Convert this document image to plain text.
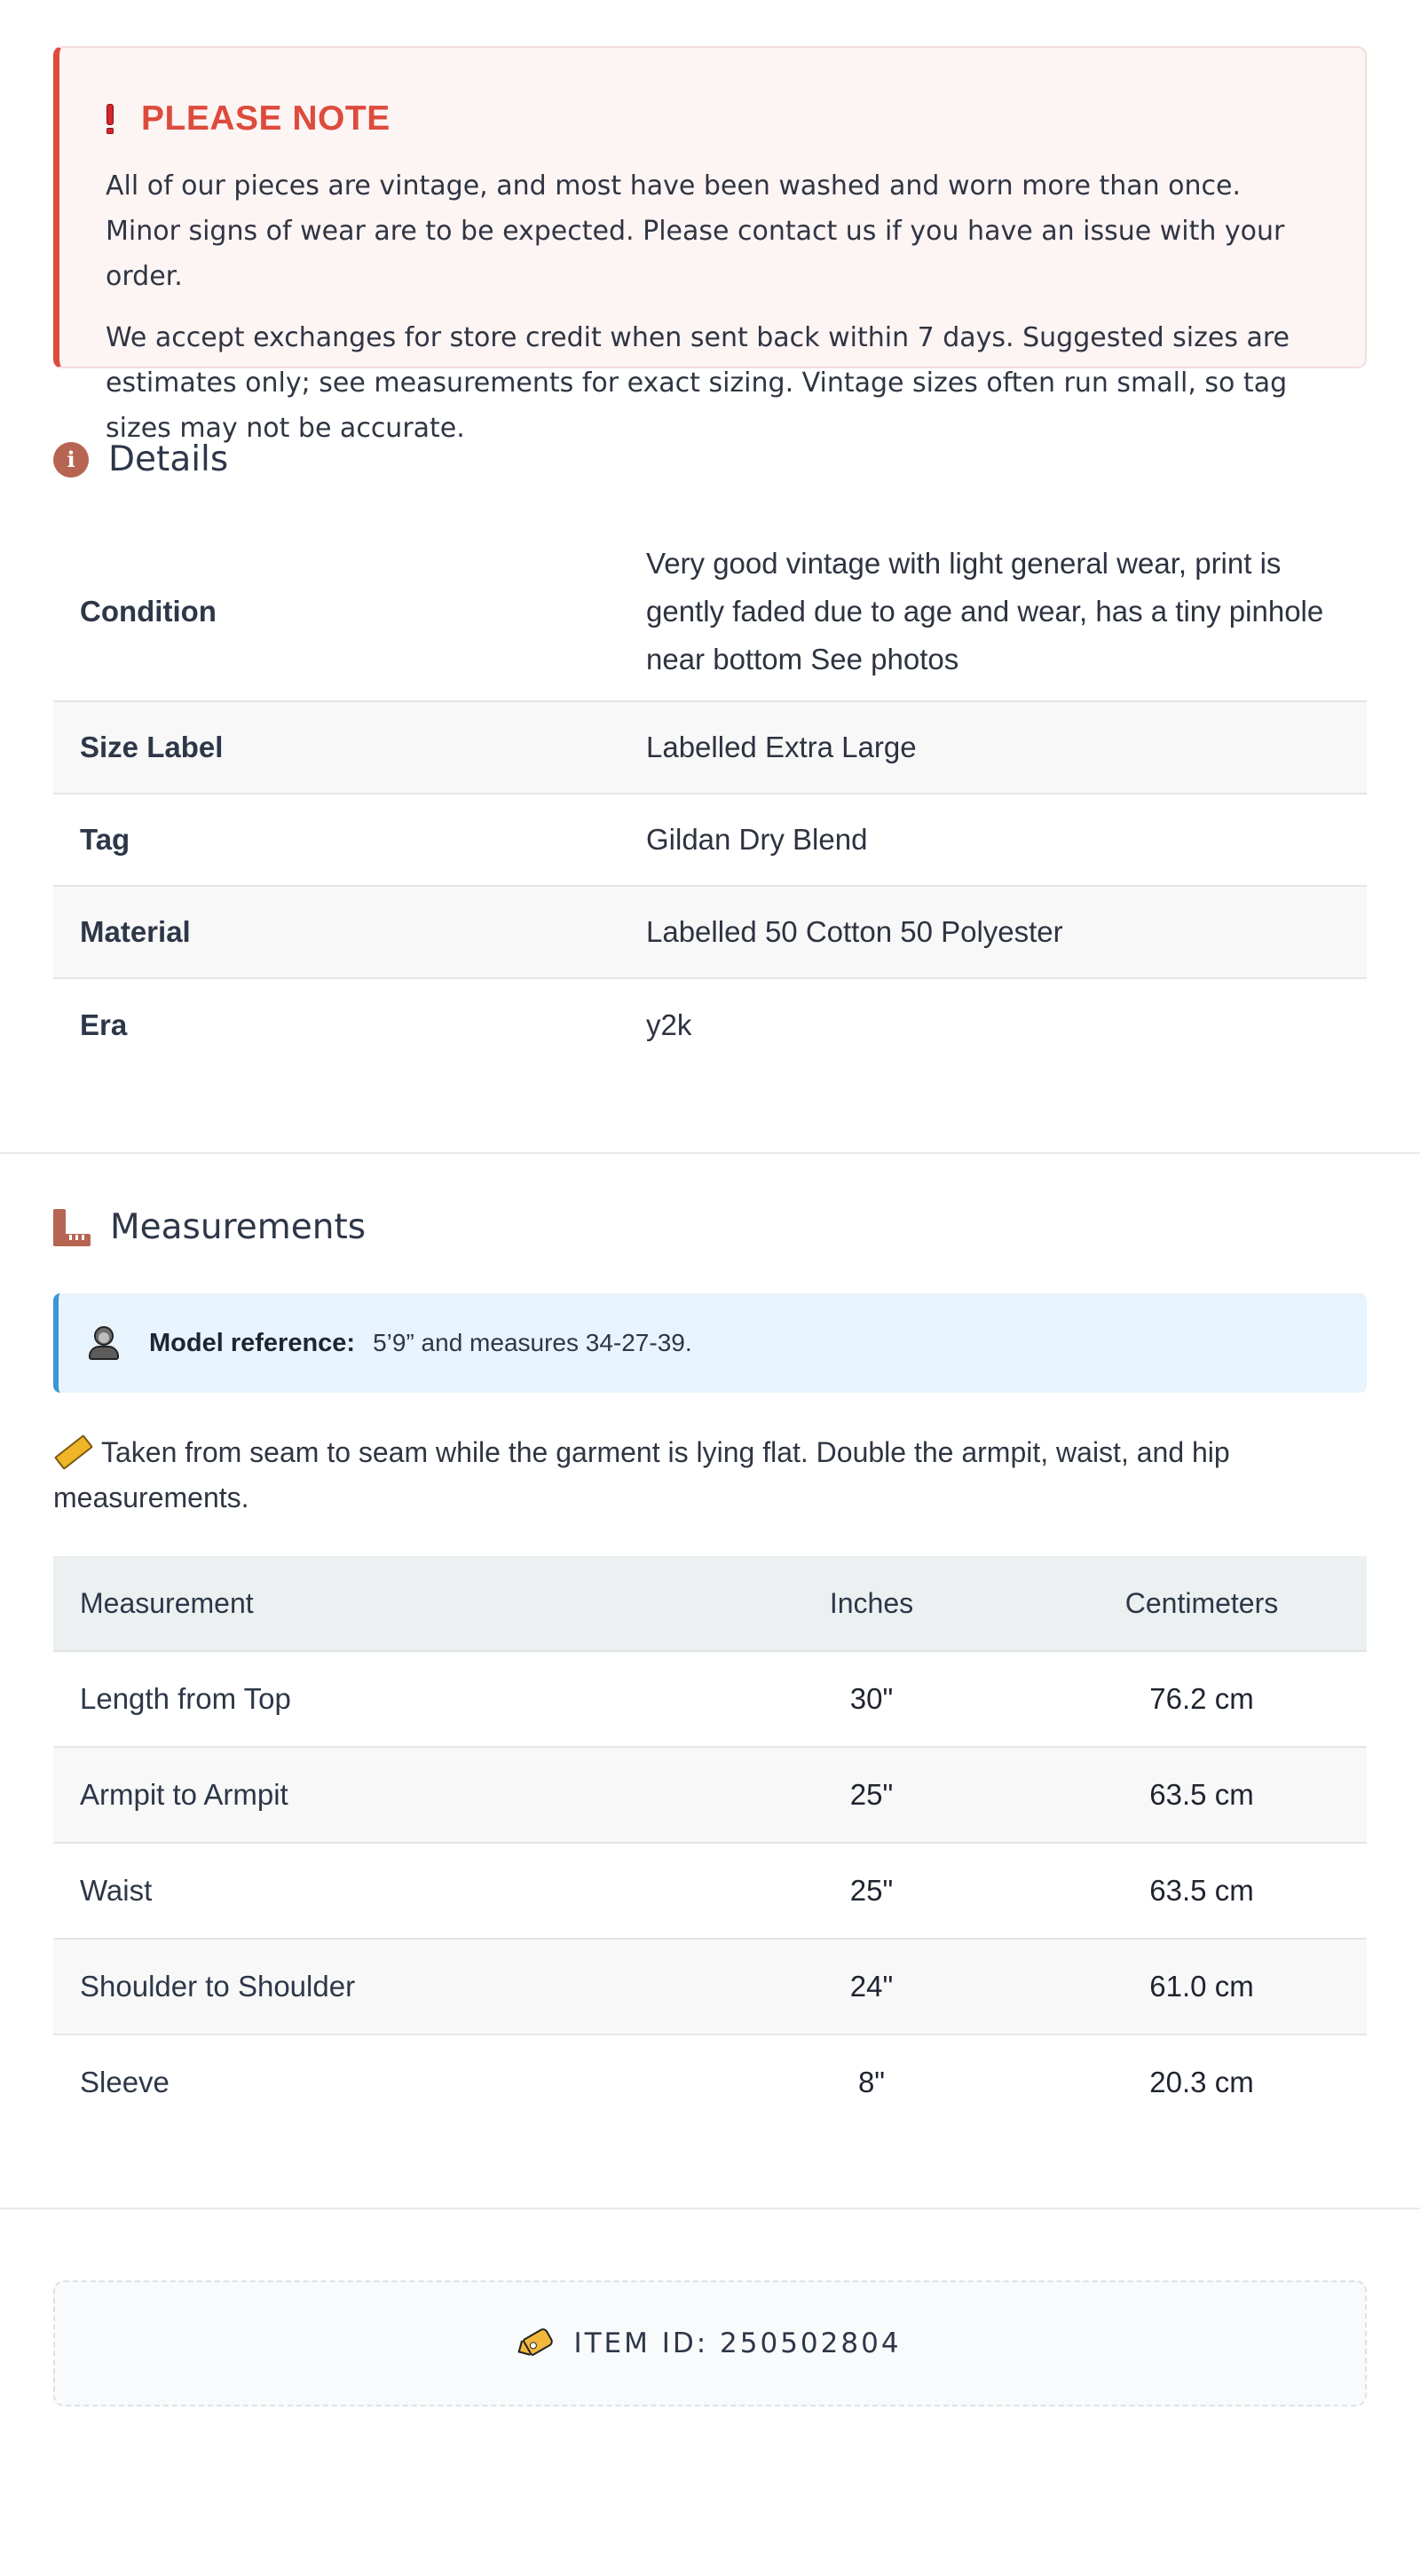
PLEASE NOTE

All of our pieces are vintage, and most have been washed and worn more than once. Minor signs of wear are to be expected. Please contact us if you have an issue with your order.

We accept exchanges for store credit when sent back within 7 days. Suggested sizes are estimates only; see measurements for exact sizing. Vintage sizes often run small, so tag sizes may not be accurate.

i Details
Condition	Very good vintage with light general wear, print is gently faded due to age and wear, has a tiny pinhole near bottom See photos
Size Label	Labelled Extra Large
Tag	Gildan Dry Blend
Material	Labelled 50 Cotton 50 Polyester
Era	y2k
Measurements
Model reference: 5’9” and measures 34-27-39.
Taken from seam to seam while the garment is lying flat. Double the armpit, waist, and hip measurements.
Measurement	Inches	Centimeters
Length from Top	30"	76.2 cm
Armpit to Armpit	25"	63.5 cm
Waist	25"	63.5 cm
Shoulder to Shoulder	24"	61.0 cm
Sleeve	8"	20.3 cm
ITEM ID: 250502804
